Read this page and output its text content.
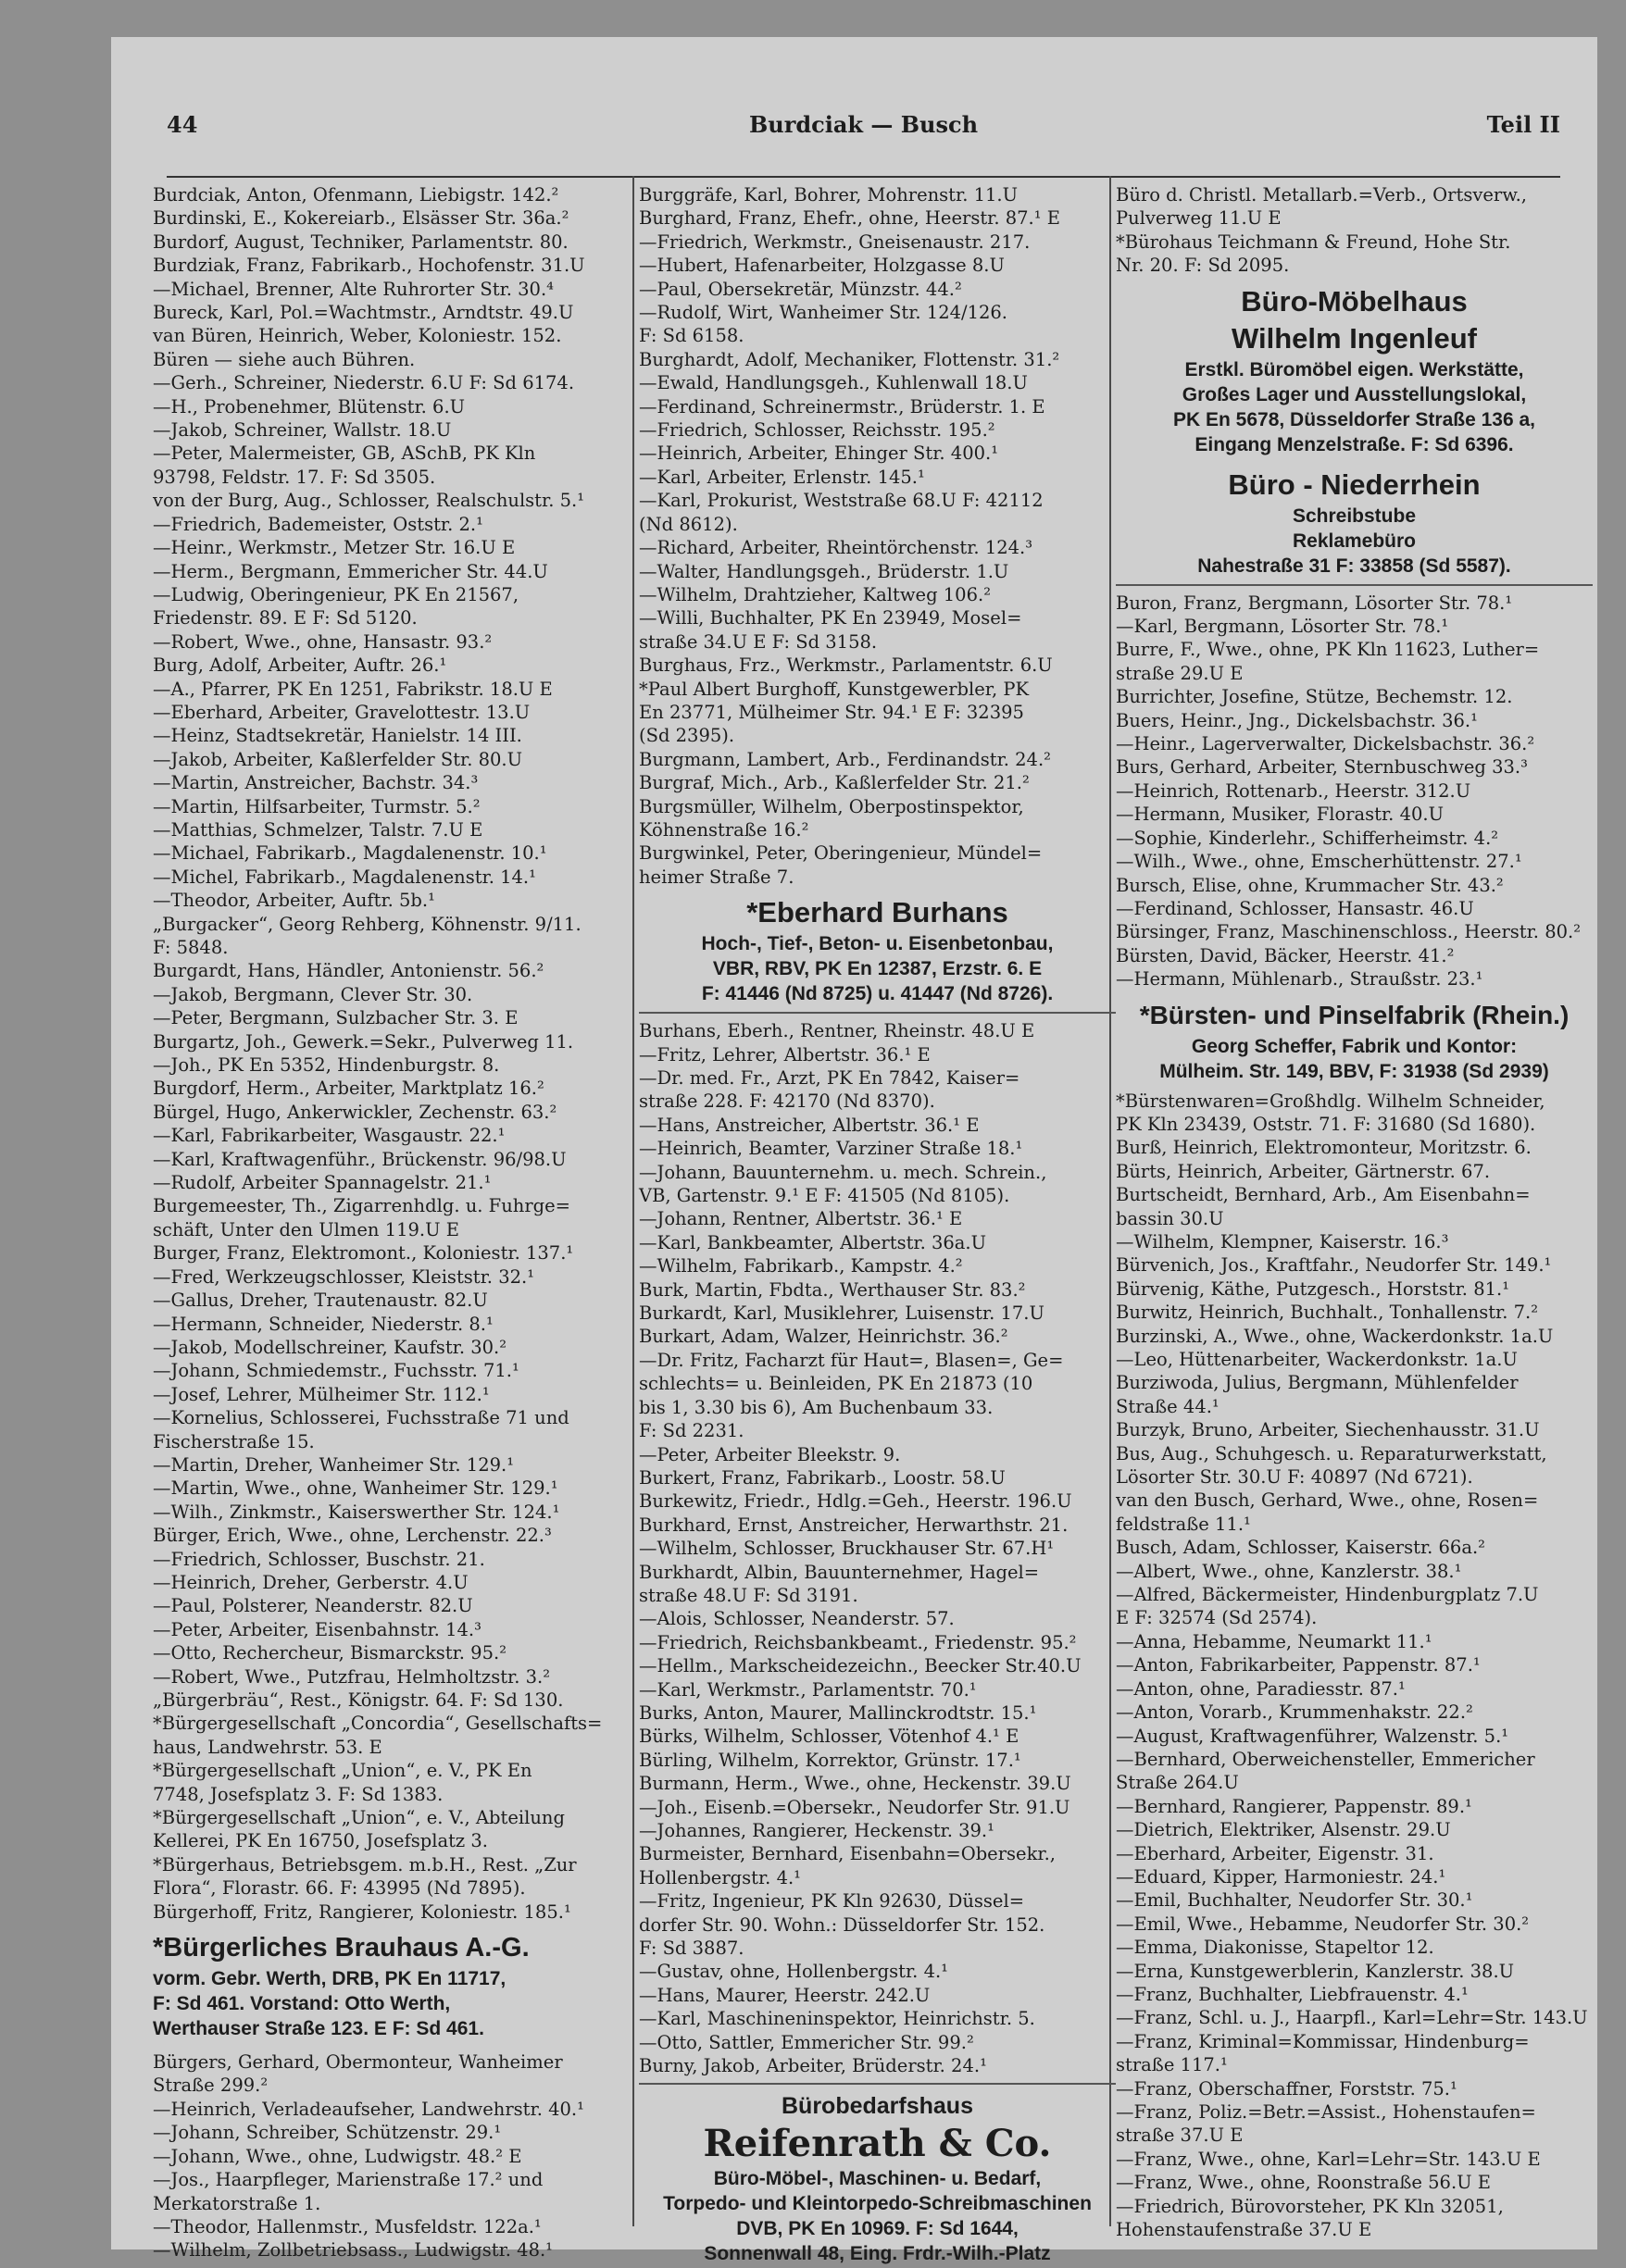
44	Burdciak — Busch	Teil II
Burdciak, Anton, Ofenmann, Liebigstr. 142.²
Burdinski, E., Kokereiarb., Elsässer Str. 36a.²
Burdorf, August, Techniker, Parlamentstr. 80.
Burdziak, Franz, Fabrikarb., Hochofenstr. 31.U
—Michael, Brenner, Alte Ruhrorter Str. 30.⁴
Bureck, Karl, Pol.=Wachtmstr., Arndtstr. 49.U
van Büren, Heinrich, Weber, Koloniestr. 152.
Büren — siehe auch Bühren.
—Gerh., Schreiner, Niederstr. 6.U F: Sd 6174.
—H., Probenehmer, Blütenstr. 6.U
—Jakob, Schreiner, Wallstr. 18.U
—Peter, Malermeister, GB, ASchB, PK Kln
93798, Feldstr. 17. F: Sd 3505.
von der Burg, Aug., Schlosser, Realschulstr. 5.¹
—Friedrich, Bademeister, Oststr. 2.¹
—Heinr., Werkmstr., Metzer Str. 16.U E
—Herm., Bergmann, Emmericher Str. 44.U
—Ludwig, Oberingenieur, PK En 21567,
Friedenstr. 89. E F: Sd 5120.
—Robert, Wwe., ohne, Hansastr. 93.²
Burg, Adolf, Arbeiter, Auftr. 26.¹
—A., Pfarrer, PK En 1251, Fabrikstr. 18.U E
—Eberhard, Arbeiter, Gravelottestr. 13.U
—Heinz, Stadtsekretär, Hanielstr. 14 III.
—Jakob, Arbeiter, Kaßlerfelder Str. 80.U
—Martin, Anstreicher, Bachstr. 34.³
—Martin, Hilfsarbeiter, Turmstr. 5.²
—Matthias, Schmelzer, Talstr. 7.U E
—Michael, Fabrikarb., Magdalenenstr. 10.¹
—Michel, Fabrikarb., Magdalenenstr. 14.¹
—Theodor, Arbeiter, Auftr. 5b.¹
„Burgacker“, Georg Rehberg, Köhnenstr. 9/11.
F: 5848.
Burgardt, Hans, Händler, Antonienstr. 56.²
—Jakob, Bergmann, Clever Str. 30.
—Peter, Bergmann, Sulzbacher Str. 3. E
Burgartz, Joh., Gewerk.=Sekr., Pulverweg 11.
—Joh., PK En 5352, Hindenburgstr. 8.
Burgdorf, Herm., Arbeiter, Marktplatz 16.²
Bürgel, Hugo, Ankerwickler, Zechenstr. 63.²
—Karl, Fabrikarbeiter, Wasgaustr. 22.¹
—Karl, Kraftwagenführ., Brückenstr. 96/98.U
—Rudolf, Arbeiter Spannagelstr. 21.¹
Burgemeester, Th., Zigarrenhdlg. u. Fuhrge=
schäft, Unter den Ulmen 119.U E
Burger, Franz, Elektromont., Koloniestr. 137.¹
—Fred, Werkzeugschlosser, Kleiststr. 32.¹
—Gallus, Dreher, Trautenaustr. 82.U
—Hermann, Schneider, Niederstr. 8.¹
—Jakob, Modellschreiner, Kaufstr. 30.²
—Johann, Schmiedemstr., Fuchsstr. 71.¹
—Josef, Lehrer, Mülheimer Str. 112.¹
—Kornelius, Schlosserei, Fuchsstraße 71 und
Fischerstraße 15.
—Martin, Dreher, Wanheimer Str. 129.¹
—Martin, Wwe., ohne, Wanheimer Str. 129.¹
—Wilh., Zinkmstr., Kaiserswerther Str. 124.¹
Bürger, Erich, Wwe., ohne, Lerchenstr. 22.³
—Friedrich, Schlosser, Buschstr. 21.
—Heinrich, Dreher, Gerberstr. 4.U
—Paul, Polsterer, Neanderstr. 82.U
—Peter, Arbeiter, Eisenbahnstr. 14.³
—Otto, Rechercheur, Bismarckstr. 95.²
—Robert, Wwe., Putzfrau, Helmholtzstr. 3.²
„Bürgerbräu“, Rest., Königstr. 64. F: Sd 130.
*Bürgergesellschaft „Concordia“, Gesellschafts=
haus, Landwehrstr. 53. E
*Bürgergesellschaft „Union“, e. V., PK En
7748, Josefsplatz 3. F: Sd 1383.
*Bürgergesellschaft „Union“, e. V., Abteilung
Kellerei, PK En 16750, Josefsplatz 3.
*Bürgerhaus, Betriebsgem. m.b.H., Rest. „Zur
Flora“, Florastr. 66. F: 43995 (Nd 7895).
Bürgerhoff, Fritz, Rangierer, Koloniestr. 185.¹
*Bürgerliches Brauhaus A.-G.
vorm. Gebr. Werth, DRB, PK En 11717,
F: Sd 461. Vorstand: Otto Werth,
Werthauser Straße 123. E F: Sd 461.
Bürgers, Gerhard, Obermonteur, Wanheimer
Straße 299.²
—Heinrich, Verladeaufseher, Landwehrstr. 40.¹
—Johann, Schreiber, Schützenstr. 29.¹
—Johann, Wwe., ohne, Ludwigstr. 48.² E
—Jos., Haarpfleger, Marienstraße 17.² und
Merkatorstraße 1.
—Theodor, Hallenmstr., Musfeldstr. 122a.¹
—Wilhelm, Zollbetriebsass., Ludwigstr. 48.¹
Burggräfe, Karl, Bohrer, Mohrenstr. 11.U
Burghard, Franz, Ehefr., ohne, Heerstr. 87.¹ E
—Friedrich, Werkmstr., Gneisenaustr. 217.
—Hubert, Hafenarbeiter, Holzgasse 8.U
—Paul, Obersekretär, Münzstr. 44.²
—Rudolf, Wirt, Wanheimer Str. 124/126.
F: Sd 6158.
Burghardt, Adolf, Mechaniker, Flottenstr. 31.²
—Ewald, Handlungsgeh., Kuhlenwall 18.U
—Ferdinand, Schreinermstr., Brüderstr. 1. E
—Friedrich, Schlosser, Reichsstr. 195.²
—Heinrich, Arbeiter, Ehinger Str. 400.¹
—Karl, Arbeiter, Erlenstr. 145.¹
—Karl, Prokurist, Weststraße 68.U F: 42112
(Nd 8612).
—Richard, Arbeiter, Rheintörchenstr. 124.³
—Walter, Handlungsgeh., Brüderstr. 1.U
—Wilhelm, Drahtzieher, Kaltweg 106.²
—Willi, Buchhalter, PK En 23949, Mosel=
straße 34.U E F: Sd 3158.
Burghaus, Frz., Werkmstr., Parlamentstr. 6.U
*Paul Albert Burghoff, Kunstgewerbler, PK
En 23771, Mülheimer Str. 94.¹ E F: 32395
(Sd 2395).
Burgmann, Lambert, Arb., Ferdinandstr. 24.²
Burgraf, Mich., Arb., Kaßlerfelder Str. 21.²
Burgsmüller, Wilhelm, Oberpostinspektor,
Köhnenstraße 16.²
Burgwinkel, Peter, Oberingenieur, Mündel=
heimer Straße 7.
*Eberhard Burhans
Hoch-, Tief-, Beton- u. Eisenbetonbau,
VBR, RBV, PK En 12387, Erzstr. 6. E
F: 41446 (Nd 8725) u. 41447 (Nd 8726).
Burhans, Eberh., Rentner, Rheinstr. 48.U E
—Fritz, Lehrer, Albertstr. 36.¹ E
—Dr. med. Fr., Arzt, PK En 7842, Kaiser=
straße 228. F: 42170 (Nd 8370).
—Hans, Anstreicher, Albertstr. 36.¹ E
—Heinrich, Beamter, Varziner Straße 18.¹
—Johann, Bauunternehm. u. mech. Schrein.,
VB, Gartenstr. 9.¹ E F: 41505 (Nd 8105).
—Johann, Rentner, Albertstr. 36.¹ E
—Karl, Bankbeamter, Albertstr. 36a.U
—Wilhelm, Fabrikarb., Kampstr. 4.²
Burk, Martin, Fbdta., Werthauser Str. 83.²
Burkardt, Karl, Musiklehrer, Luisenstr. 17.U
Burkart, Adam, Walzer, Heinrichstr. 36.²
—Dr. Fritz, Facharzt für Haut=, Blasen=, Ge=
schlechts= u. Beinleiden, PK En 21873 (10
bis 1, 3.30 bis 6), Am Buchenbaum 33.
F: Sd 2231.
—Peter, Arbeiter Bleekstr. 9.
Burkert, Franz, Fabrikarb., Loostr. 58.U
Burkewitz, Friedr., Hdlg.=Geh., Heerstr. 196.U
Burkhard, Ernst, Anstreicher, Herwarthstr. 21.
—Wilhelm, Schlosser, Bruckhauser Str. 67.H¹
Burkhardt, Albin, Bauunternehmer, Hagel=
straße 48.U F: Sd 3191.
—Alois, Schlosser, Neanderstr. 57.
—Friedrich, Reichsbankbeamt., Friedenstr. 95.²
—Hellm., Markscheidezeichn., Beecker Str.40.U
—Karl, Werkmstr., Parlamentstr. 70.¹
Burks, Anton, Maurer, Mallinckrodtstr. 15.¹
Bürks, Wilhelm, Schlosser, Vötenhof 4.¹ E
Bürling, Wilhelm, Korrektor, Grünstr. 17.¹
Burmann, Herm., Wwe., ohne, Heckenstr. 39.U
—Joh., Eisenb.=Obersekr., Neudorfer Str. 91.U
—Johannes, Rangierer, Heckenstr. 39.¹
Burmeister, Bernhard, Eisenbahn=Obersekr.,
Hollenbergstr. 4.¹
—Fritz, Ingenieur, PK Kln 92630, Düssel=
dorfer Str. 90. Wohn.: Düsseldorfer Str. 152.
F: Sd 3887.
—Gustav, ohne, Hollenbergstr. 4.¹
—Hans, Maurer, Heerstr. 242.U
—Karl, Maschineninspektor, Heinrichstr. 5.
—Otto, Sattler, Emmericher Str. 99.²
Burny, Jakob, Arbeiter, Brüderstr. 24.¹
Bürobedarfshaus
Reifenrath & Co.
Büro-Möbel-, Maschinen- u. Bedarf,
Torpedo- und Kleintorpedo-Schreibmaschinen
DVB, PK En 10969. F: Sd 1644,
Sonnenwall 48, Eing. Frdr.-Wilh.-Platz
Büro d. Christl. Metallarb.=Verb., Ortsverw.,
Pulverweg 11.U E
*Bürohaus Teichmann & Freund, Hohe Str.
Nr. 20. F: Sd 2095.
Büro-Möbelhaus
Wilhelm Ingenleuf
Erstkl. Büromöbel eigen. Werkstätte,
Großes Lager und Ausstellungslokal,
PK En 5678, Düsseldorfer Straße 136 a,
Eingang Menzelstraße. F: Sd 6396.
Büro - Niederrhein
Schreibstube
Reklamebüro
Nahestraße 31 F: 33858 (Sd 5587).
Buron, Franz, Bergmann, Lösorter Str. 78.¹
—Karl, Bergmann, Lösorter Str. 78.¹
Burre, F., Wwe., ohne, PK Kln 11623, Luther=
straße 29.U E
Burrichter, Josefine, Stütze, Bechemstr. 12.
Buers, Heinr., Jng., Dickelsbachstr. 36.¹
—Heinr., Lagerverwalter, Dickelsbachstr. 36.²
Burs, Gerhard, Arbeiter, Sternbuschweg 33.³
—Heinrich, Rottenarb., Heerstr. 312.U
—Hermann, Musiker, Florastr. 40.U
—Sophie, Kinderlehr., Schifferheimstr. 4.²
—Wilh., Wwe., ohne, Emscherhüttenstr. 27.¹
Bursch, Elise, ohne, Krummacher Str. 43.²
—Ferdinand, Schlosser, Hansastr. 46.U
Bürsinger, Franz, Maschinenschloss., Heerstr. 80.²
Bürsten, David, Bäcker, Heerstr. 41.²
—Hermann, Mühlenarb., Straußstr. 23.¹
*Bürsten- und Pinselfabrik (Rhein.)
Georg Scheffer, Fabrik und Kontor:
Mülheim. Str. 149, BBV, F: 31938 (Sd 2939)
*Bürstenwaren=Großhdlg. Wilhelm Schneider,
PK Kln 23439, Oststr. 71. F: 31680 (Sd 1680).
Burß, Heinrich, Elektromonteur, Moritzstr. 6.
Bürts, Heinrich, Arbeiter, Gärtnerstr. 67.
Burtscheidt, Bernhard, Arb., Am Eisenbahn=
bassin 30.U
—Wilhelm, Klempner, Kaiserstr. 16.³
Bürvenich, Jos., Kraftfahr., Neudorfer Str. 149.¹
Bürvenig, Käthe, Putzgesch., Horststr. 81.¹
Burwitz, Heinrich, Buchhalt., Tonhallenstr. 7.²
Burzinski, A., Wwe., ohne, Wackerdonkstr. 1a.U
—Leo, Hüttenarbeiter, Wackerdonkstr. 1a.U
Burziwoda, Julius, Bergmann, Mühlenfelder
Straße 44.¹
Burzyk, Bruno, Arbeiter, Siechenhausstr. 31.U
Bus, Aug., Schuhgesch. u. Reparaturwerkstatt,
Lösorter Str. 30.U F: 40897 (Nd 6721).
van den Busch, Gerhard, Wwe., ohne, Rosen=
feldstraße 11.¹
Busch, Adam, Schlosser, Kaiserstr. 66a.²
—Albert, Wwe., ohne, Kanzlerstr. 38.¹
—Alfred, Bäckermeister, Hindenburgplatz 7.U
E F: 32574 (Sd 2574).
—Anna, Hebamme, Neumarkt 11.¹
—Anton, Fabrikarbeiter, Pappenstr. 87.¹
—Anton, ohne, Paradiesstr. 87.¹
—Anton, Vorarb., Krummenhakstr. 22.²
—August, Kraftwagenführer, Walzenstr. 5.¹
—Bernhard, Oberweichensteller, Emmericher
Straße 264.U
—Bernhard, Rangierer, Pappenstr. 89.¹
—Dietrich, Elektriker, Alsenstr. 29.U
—Eberhard, Arbeiter, Eigenstr. 31.
—Eduard, Kipper, Harmoniestr. 24.¹
—Emil, Buchhalter, Neudorfer Str. 30.¹
—Emil, Wwe., Hebamme, Neudorfer Str. 30.²
—Emma, Diakonisse, Stapeltor 12.
—Erna, Kunstgewerblerin, Kanzlerstr. 38.U
—Franz, Buchhalter, Liebfrauenstr. 4.¹
—Franz, Schl. u. J., Haarpfl., Karl=Lehr=Str. 143.U
—Franz, Kriminal=Kommissar, Hindenburg=
straße 117.¹
—Franz, Oberschaffner, Forststr. 75.¹
—Franz, Poliz.=Betr.=Assist., Hohenstaufen=
straße 37.U E
—Franz, Wwe., ohne, Karl=Lehr=Str. 143.U E
—Franz, Wwe., ohne, Roonstraße 56.U E
—Friedrich, Bürovorsteher, PK Kln 32051,
Hohenstaufenstraße 37.U E
